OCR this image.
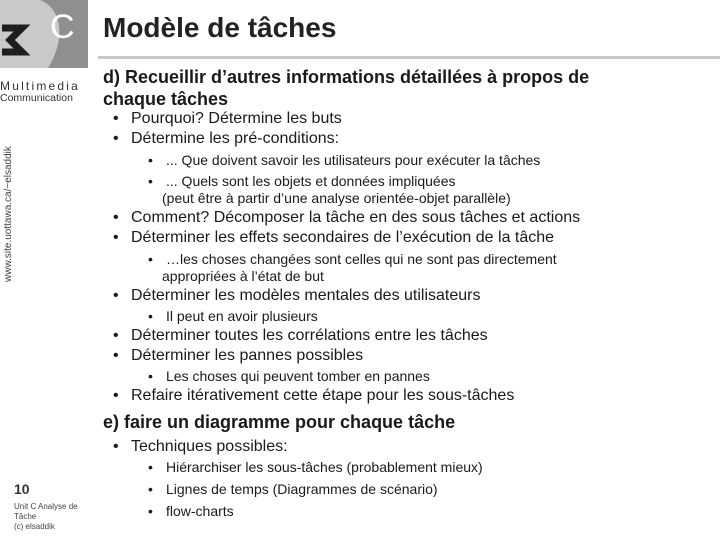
C
Multimedia
Communication
www.site.uottawa.ca/~elsaddik
Modèle de tâches
d) Recueillir d’autres informations détaillées à propos de
chaque tâches
• Pourquoi? Détermine les buts
• Détermine les pré-conditions:
• ... Que doivent savoir les utilisateurs pour exécuter la tâches
• ... Quels sont les objets et données impliquées
(peut être à partir d’une analyse orientée-objet parallèle)
• Comment? Décomposer la tâche en des sous tâches et actions
• Déterminer les effets secondaires de l’exécution de la tâche
• …les choses changées sont celles qui ne sont pas directement
appropriées à l’état de but
• Déterminer les modèles mentales des utilisateurs
• Il peut en avoir plusieurs
• Déterminer toutes les corrélations entre les tâches
• Déterminer les pannes possibles
• Les choses qui peuvent tomber en pannes
• Refaire itérativement cette étape pour les sous-tâches
e) faire un diagramme pour chaque tâche
• Techniques possibles:
• Hiérarchiser les sous-tâches (probablement mieux)
• Lignes de temps (Diagrammes de scénario)
• flow-charts
10
Unit C Analyse de
Tâche
(c) elsaddik
